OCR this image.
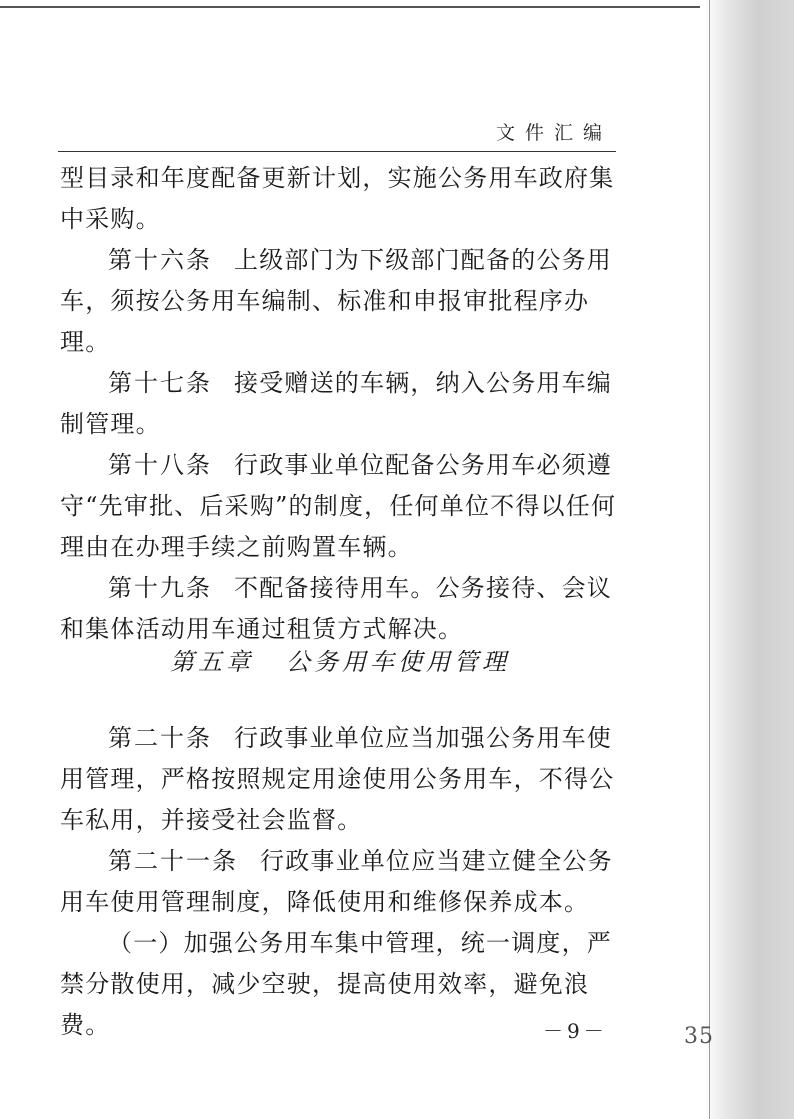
文件汇编

型目录和年度配备更新计划，实施公务用车政府集中采购。

第十六条 上级部门为下级部门配备的公务用车，须按公务用车编制、标准和申报审批程序办理。

第十七条 接受赠送的车辆，纳入公务用车编制管理。

第十八条 行政事业单位配备公务用车必须遵守“先审批、后采购”的制度，任何单位不得以任何理由在办理手续之前购置车辆。

第十九条 不配备接待用车。公务接待、会议和集体活动用车通过租赁方式解决。

第五章 公务用车使用管理

第二十条 行政事业单位应当加强公务用车使用管理，严格按照规定用途使用公务用车，不得公车私用，并接受社会监督。

第二十一条 行政事业单位应当建立健全公务用车使用管理制度，降低使用和维修保养成本。

（一）加强公务用车集中管理，统一调度，严禁分散使用，减少空驶，提高使用效率，避免浪费。	－9－	35
